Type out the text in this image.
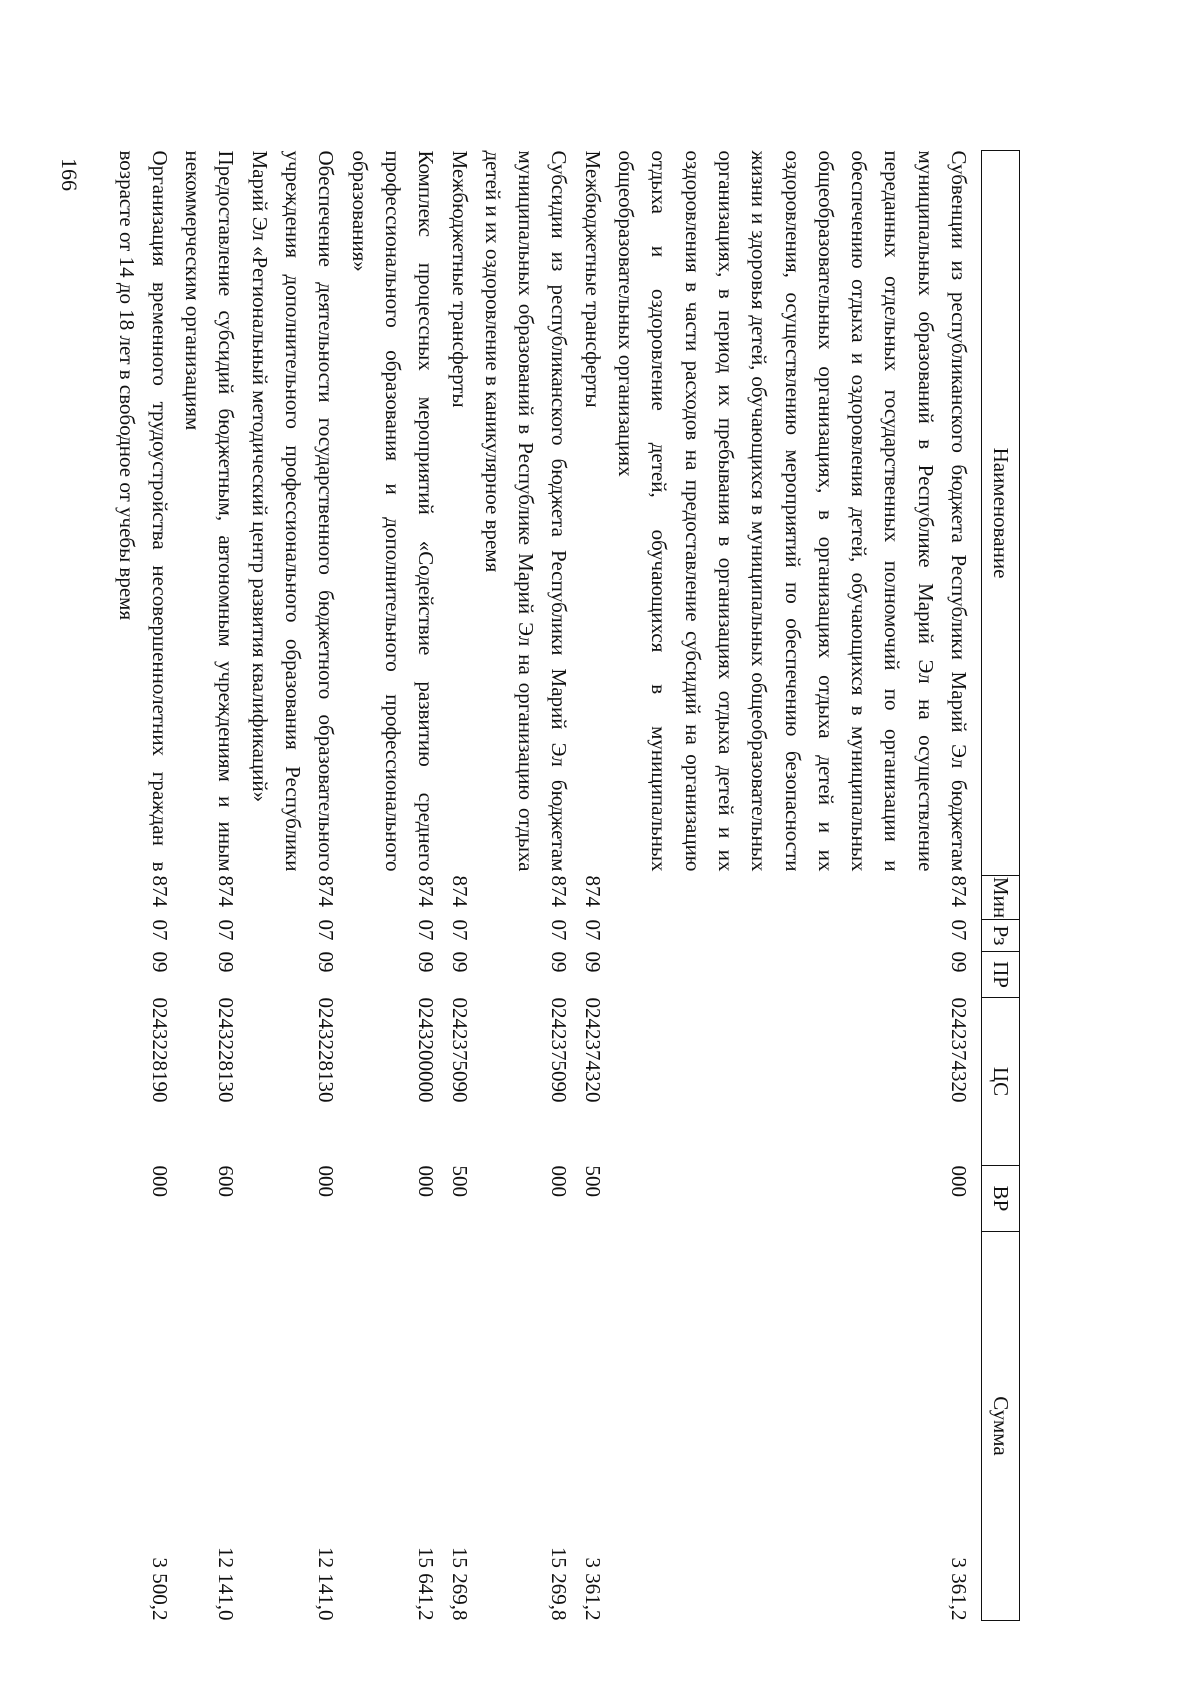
166
Наименование	Мин	Рз	ПР	ЦС	ВР	Сумма
Субвенции из республиканского бюджета Республики Марий Эл бюджетам муниципальных образований в Республике Марий Эл на осуществление переданных отдельных государственных полномочий по организации и обеспечению отдыха и оздоровления детей, обучающихся в муниципальных общеобразовательных организациях, в организациях отдыха детей и их оздоровления, осуществлению мероприятий по обеспечению безопасности жизни и здоровья детей, обучающихся в муниципальных общеобразовательных организациях, в период их пребывания в организациях отдыха детей и их оздоровления в части расходов на предоставление субсидий на организацию отдыха и оздоровление детей, обучающихся в муниципальных общеобразовательных организациях	874	07	09	0242374320	000	3 361,2
Межбюджетные трансферты	874	07	09	0242374320	500	3 361,2
Субсидии из республиканского бюджета Республики Марий Эл бюджетам муниципальных образований в Республике Марий Эл на организацию отдыха детей и их оздоровление в каникулярное время	874	07	09	0242375090	000	15 269,8
Межбюджетные трансферты	874	07	09	0242375090	500	15 269,8
Комплекс процессных мероприятий «Содействие развитию среднего профессионального образования и дополнительного профессионального образования»	874	07	09	0243200000	000	15 641,2
Обеспечение деятельности государственного бюджетного образовательного учреждения дополнительного профессионального образования Республики Марий Эл «Региональный методический центр развития квалификаций»	874	07	09	0243228130	000	12 141,0
Предоставление субсидий бюджетным, автономным учреждениям и иным некоммерческим организациям	874	07	09	0243228130	600	12 141,0
Организация временного трудоустройства несовершеннолетних граждан в возрасте от 14 до 18 лет в свободное от учебы время	874	07	09	0243228190	000	3 500,2
